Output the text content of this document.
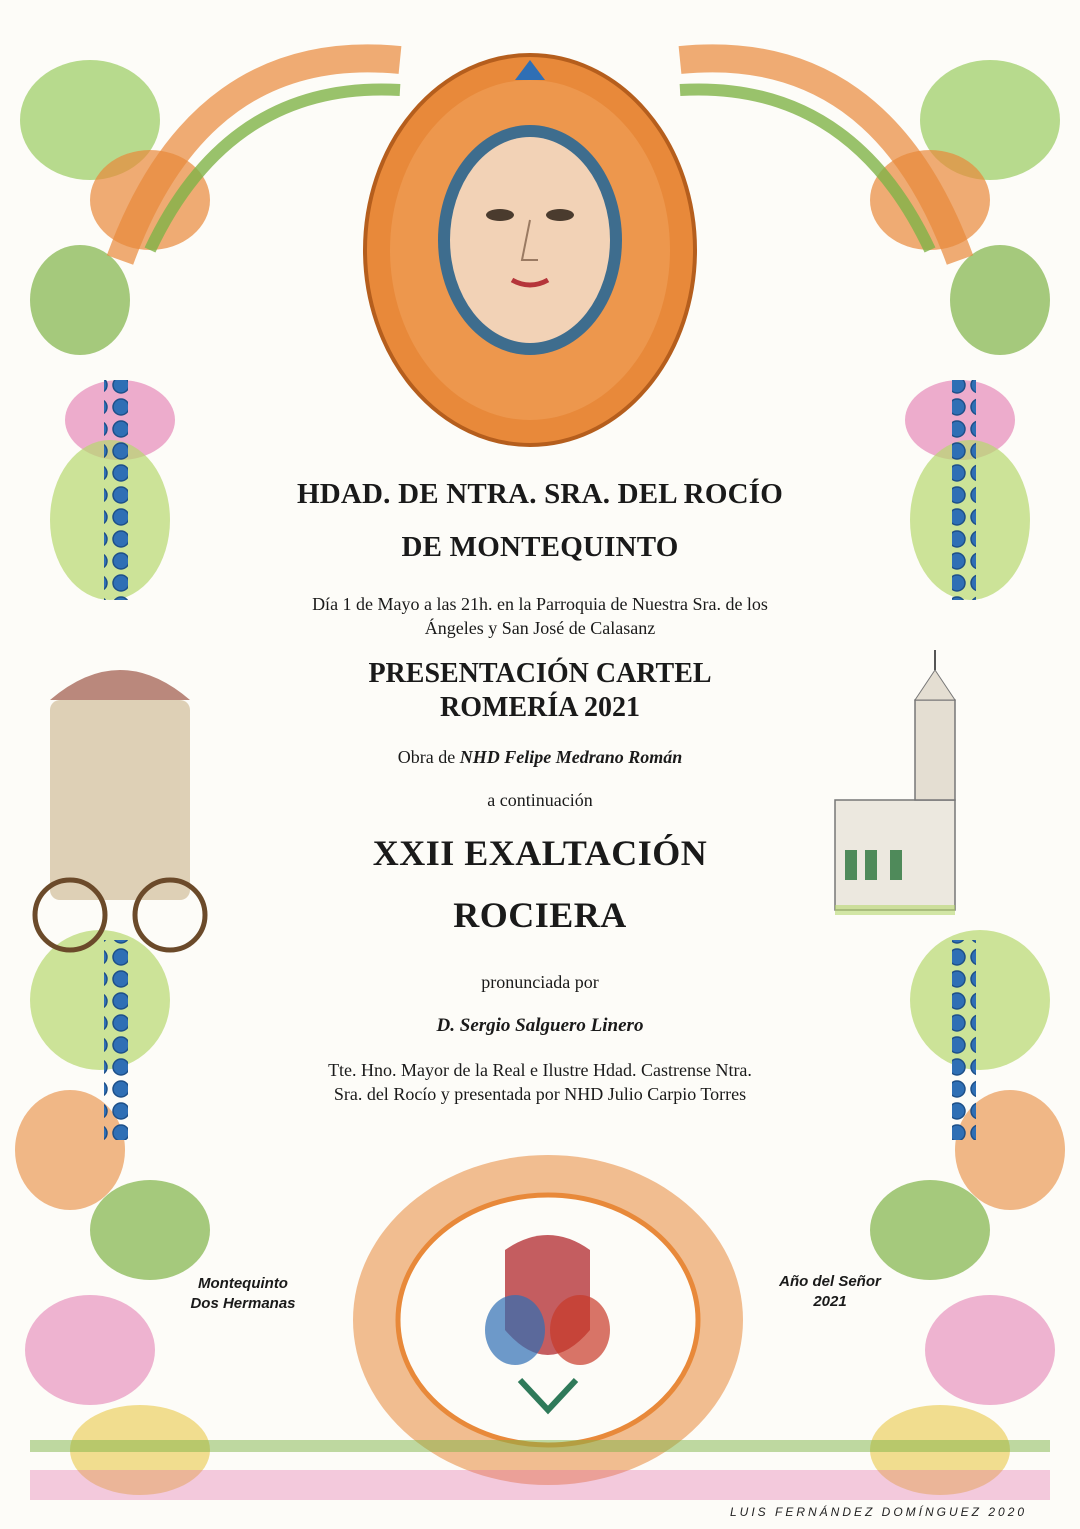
HDAD. DE NTRA. SRA. DEL ROCÍO
DE MONTEQUINTO
Día 1 de Mayo a las 21h. en la Parroquia de Nuestra Sra. de los
Ángeles y San José de Calasanz
PRESENTACIÓN CARTEL
ROMERÍA 2021
Obra de NHD Felipe Medrano Román
a continuación
XXII EXALTACIÓN
ROCIERA
pronunciada por
D. Sergio Salguero Linero
Tte. Hno. Mayor de la Real e Ilustre Hdad. Castrense Ntra.
Sra. del Rocío y presentada por NHD Julio Carpio Torres
Montequinto
Dos Hermanas
Año del Señor
2021
LUIS FERNÁNDEZ DOMÍNGUEZ 2020
